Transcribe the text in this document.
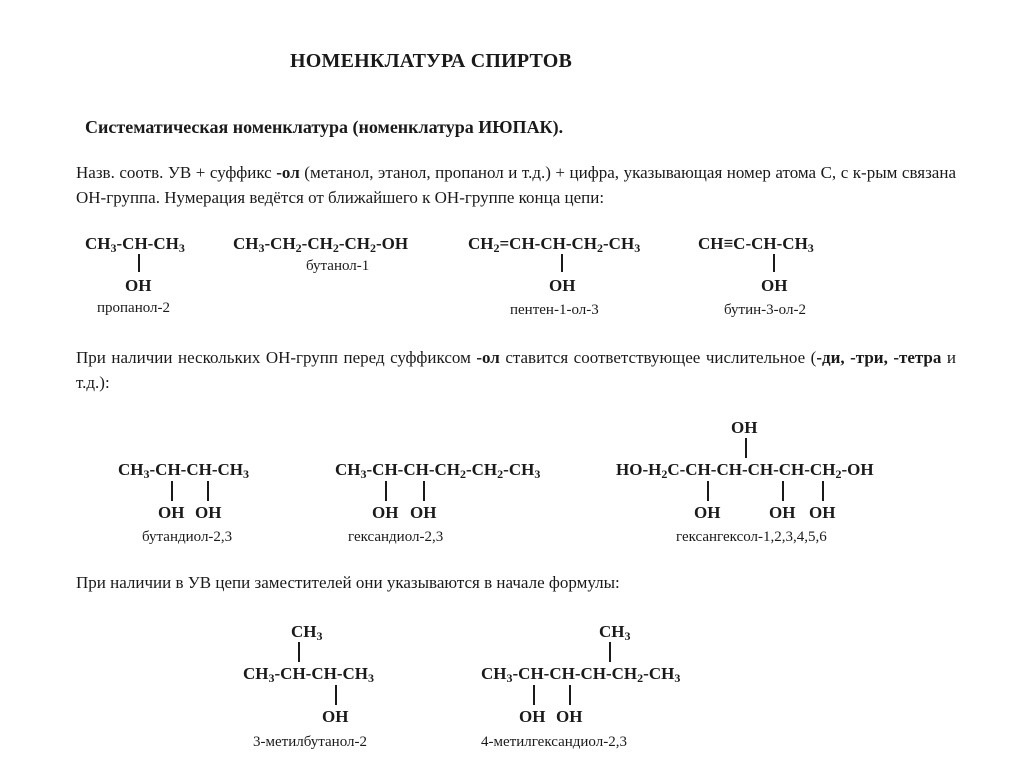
НОМЕНКЛАТУРА СПИРТОВ
Систематическая номенклатура (номенклатура ИЮПАК).
Назв. соотв. УВ + суффикс -ол (метанол, этанол, пропанол и т.д.) + цифра, указывающая номер атома С, с к-рым связана ОН-группа. Нумерация ведётся от ближайшего к ОН-группе конца цепи:
$CH_3-CH-CH_3$
OH
пропанол-2
$CH_3-CH_2-CH_2-CH_2-OH$
бутанол-1
$CH_2=CH-CH-CH_2-CH_3$
OH
пентен-1-ол-3
$CH\equiv C-CH-CH_3$
OH
бутин-3-ол-2
При наличии нескольких ОН-групп перед суффиксом -ол ставится соответствующее числительное (-ди, -три, -тетра и т.д.):
$CH_3-CH-CH-CH_3$
OH OH
бутандиол-2,3
$CH_3-CH-CH-CH_2-CH_2-CH_3$
OH OH
гександиол-2,3
OH
$HO-H_2C-CH-CH-CH-CH-CH_2-OH$
OH	OH OH
гексангексол-1,2,3,4,5,6
При наличии в УВ цепи заместителей они указываются в начале формулы:
$CH_3$
$CH_3-CH-CH-CH_3$
OH
3-метилбутанол-2
$CH_3$
$CH_3-CH-CH-CH-CH_2-CH_3$
OH OH
4-метилгександиол-2,3
